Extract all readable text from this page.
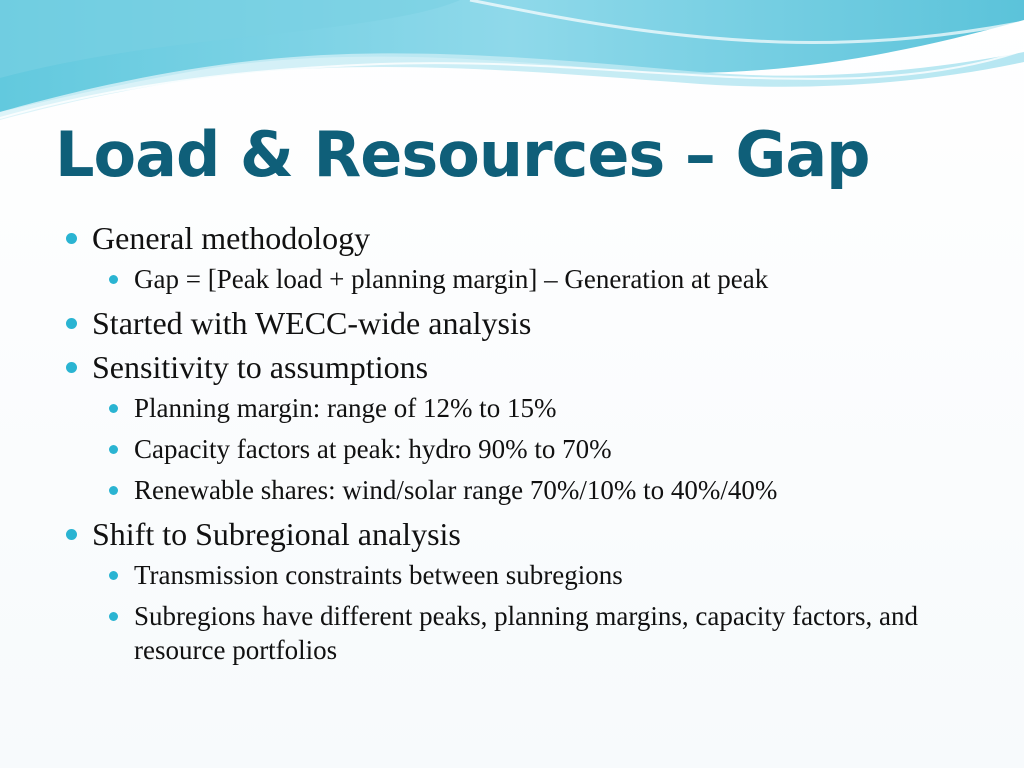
Load & Resources – Gap
General methodology
Gap = [Peak load + planning margin] – Generation at peak
Started with WECC-wide analysis
Sensitivity to assumptions
Planning margin: range of 12% to 15%
Capacity factors at peak: hydro 90% to 70%
Renewable shares: wind/solar range 70%/10% to 40%/40%
Shift to Subregional analysis
Transmission constraints between subregions
Subregions have different peaks, planning margins, capacity factors, and resource portfolios
